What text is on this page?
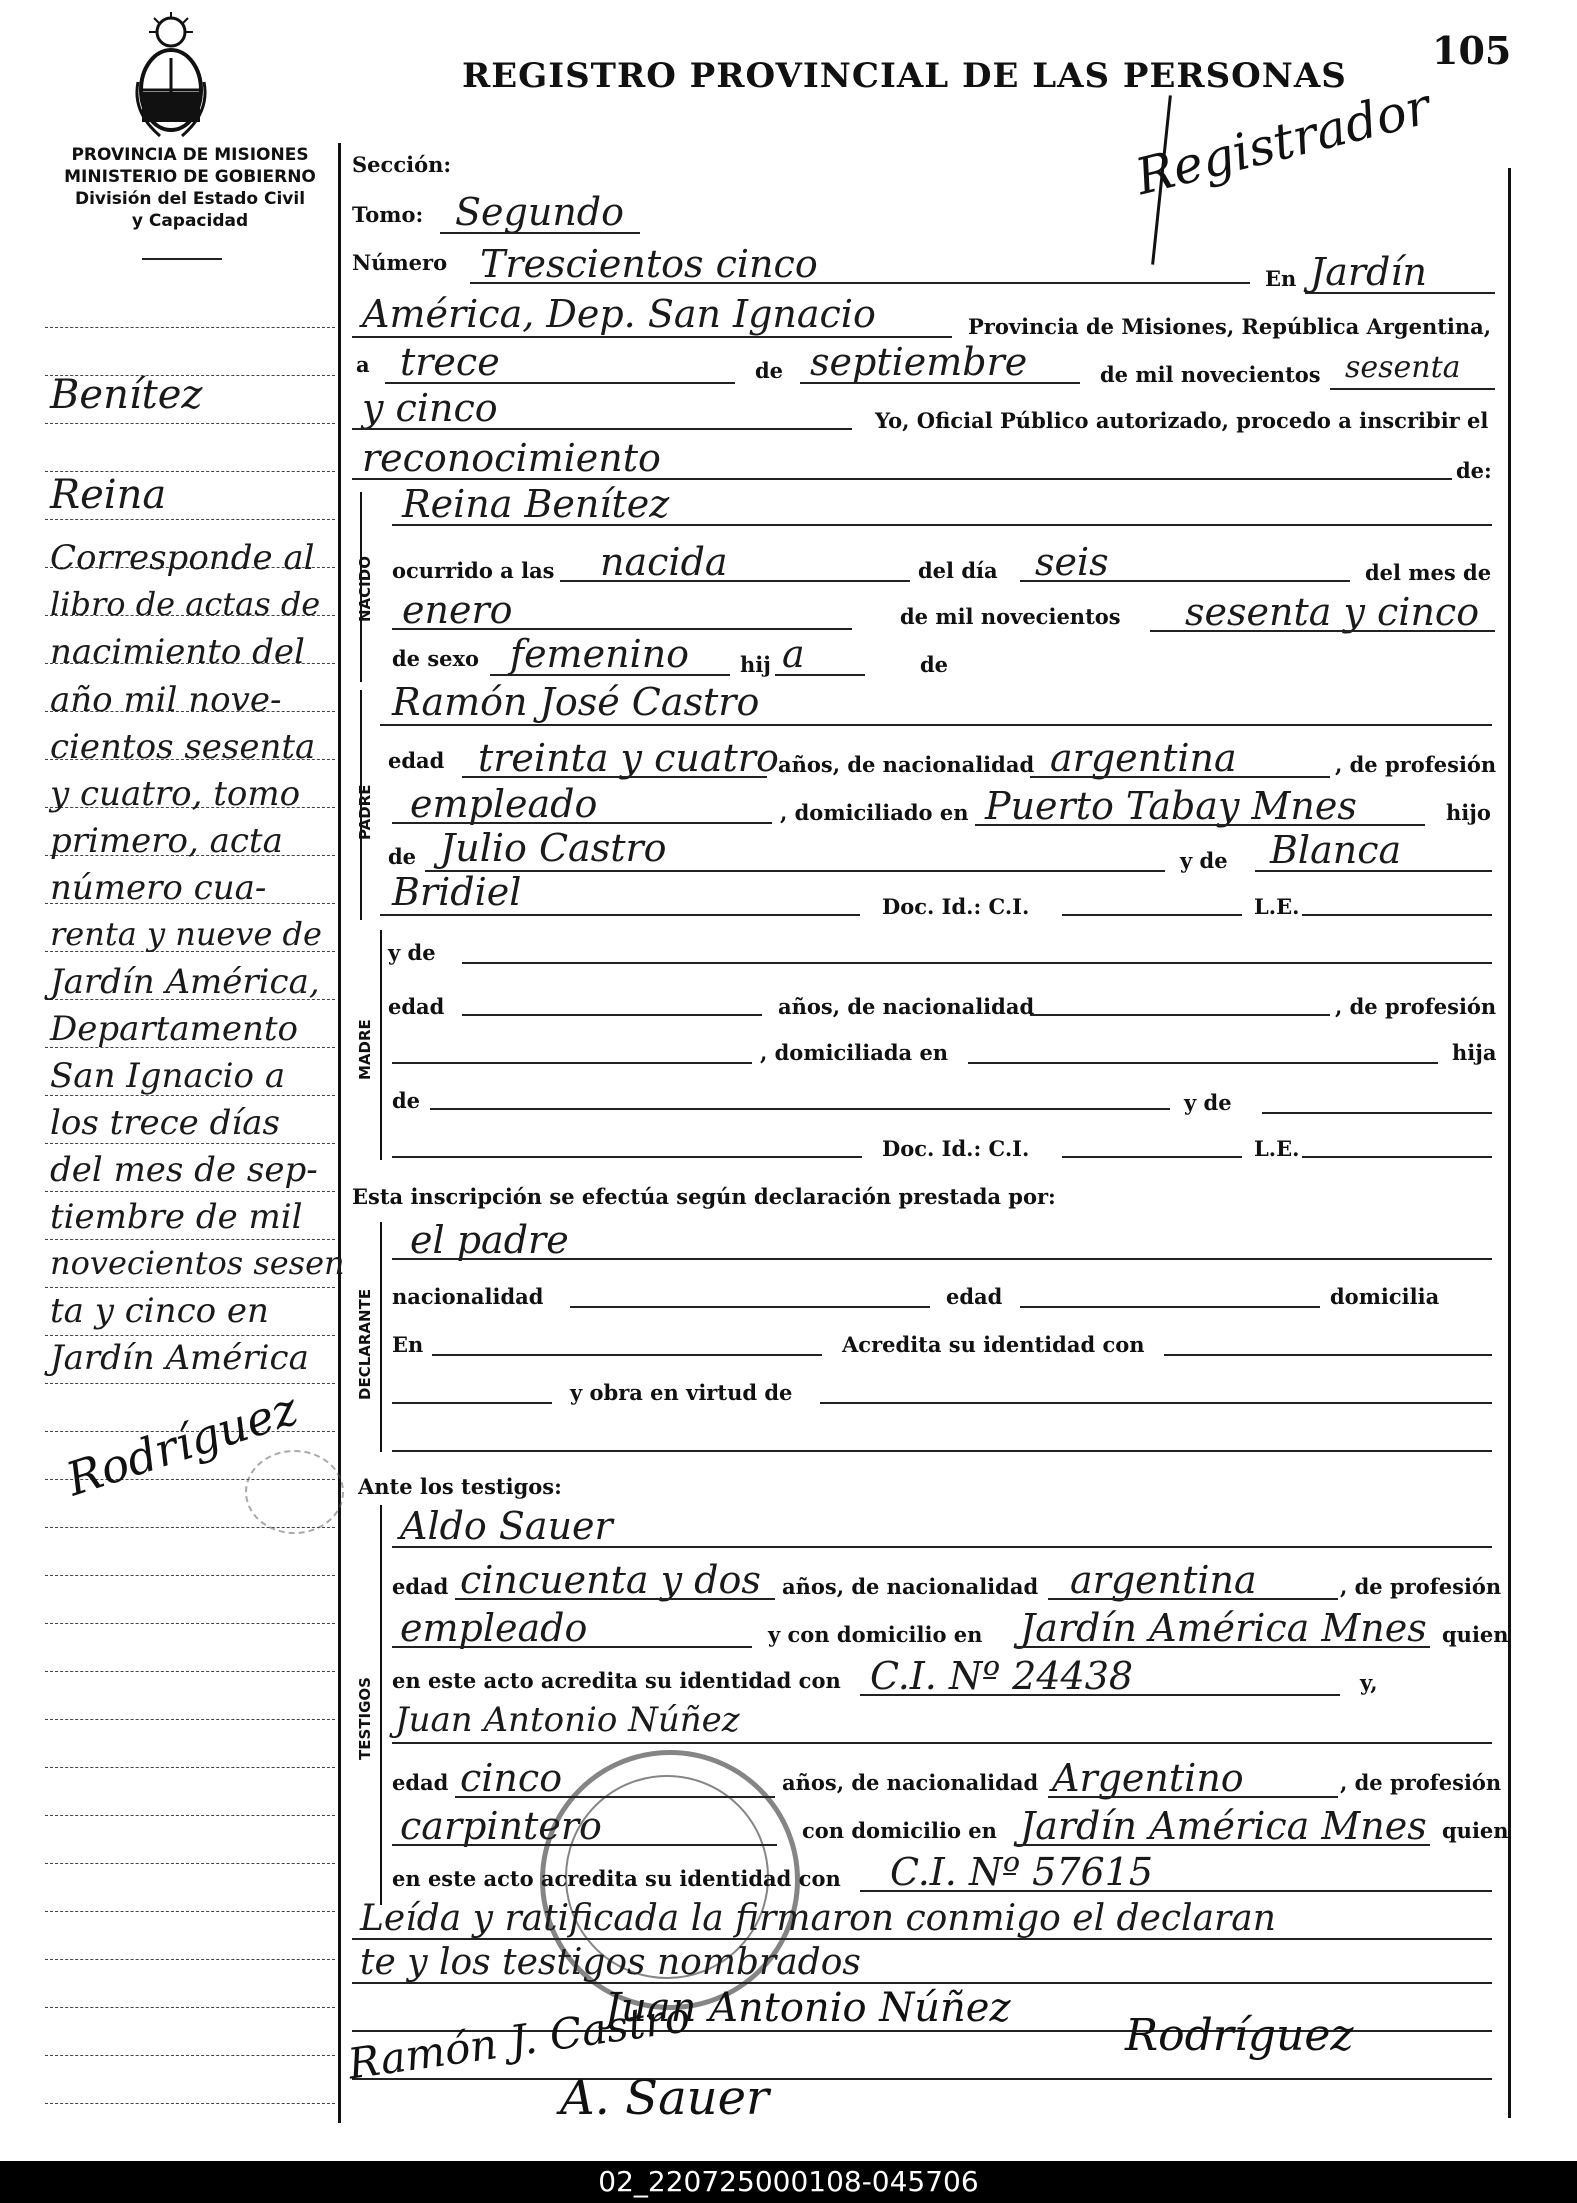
REGISTRO PROVINCIAL DE LAS PERSONAS
105
PROVINCIA DE MISIONES
MINISTERIO DE GOBIERNO
División del Estado Civil
y Capacidad
Registrador
Benítez
Reina
Corresponde al
libro de actas de
nacimiento del
año mil nove-
cientos sesenta
y cuatro, tomo
primero, acta
número cua-
renta y nueve de
Jardín América,
Departamento
San Ignacio a
los trece días
del mes de sep-
tiembre de mil
novecientos sesen
ta y cinco en
Jardín América
Rodríguez
Sección:
Tomo: Segundo
Número Trescientos cinco	En Jardín
América, Dep. San Ignacio	Provincia de Misiones, República Argentina,
a trece	de septiembre	de mil novecientos sesenta
y cinco	Yo, Oficial Público autorizado, procedo a inscribir el
reconocimiento	de:
NACIDO
Reina Benítez
ocurrido a las nacida	del día seis	del mes de
enero	de mil novecientos sesenta y cinco
de sexo femenino hij a	de
PADRE
Ramón José Castro
edad treinta y cuatro años, de nacionalidad argentina	, de profesión
empleado	, domiciliado en Puerto Tabay Mnes	hijo
de Julio Castro	y de Blanca
Bridiel	Doc. Id.: C.I.	L.E.
MADRE
y de
edad	años, de nacionalidad	, de profesión
, domiciliada en	hija
de	y de
Doc. Id.: C.I.	L.E.
Esta inscripción se efectúa según declaración prestada por:
DECLARANTE
el padre
nacionalidad	edad	domicilia
En	Acredita su identidad con
y obra en virtud de
Ante los testigos:
TESTIGOS
Aldo Sauer
edad cincuenta y dos años, de nacionalidad argentina	, de profesión
empleado	y con domicilio en Jardín América Mnes quien
en este acto acredita su identidad con C.I. Nº 24438	y,
Juan Antonio Núñez
edad cinco	años, de nacionalidad Argentino	, de profesión
carpintero	con domicilio en Jardín América Mnes quien
en este acto acredita su identidad con C.I. Nº 57615
Leída y ratificada la firmaron conmigo el declaran
te y los testigos nombrados
Juan Antonio Núñez
Ramón J. Castro
A. Sauer
Rodríguez
02_220725000108-045706
